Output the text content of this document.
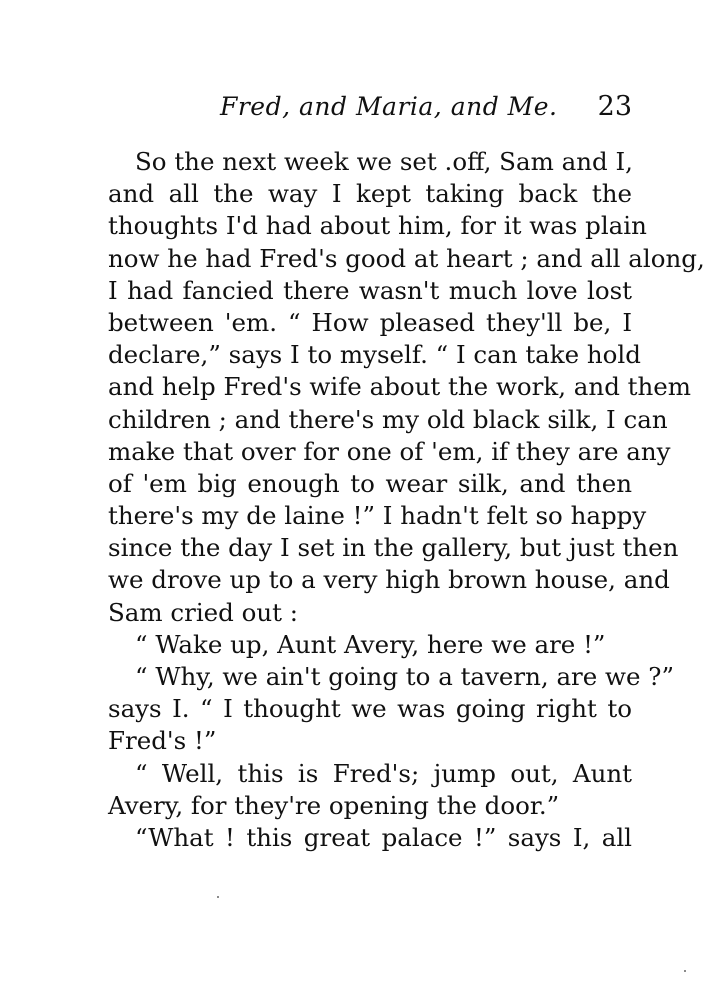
Fred, and Maria, and Me. 23
So the next week we set .off, Sam and I,
and all the way I kept taking back the
thoughts I'd had about him, for it was plain
now he had Fred's good at heart ; and all along,
I had fancied there wasn't much love lost
between 'em. “ How pleased they'll be, I
declare,” says I to myself. “ I can take hold
and help Fred's wife about the work, and them
children ; and there's my old black silk, I can
make that over for one of 'em, if they are any
of 'em big enough to wear silk, and then
there's my de laine !” I hadn't felt so happy
since the day I set in the gallery, but just then
we drove up to a very high brown house, and
Sam cried out :
“ Wake up, Aunt Avery, here we are !”
“ Why, we ain't going to a tavern, are we ?”
says I. “ I thought we was going right to
Fred's !”
“ Well, this is Fred's; jump out, Aunt
Avery, for they're opening the door.”
“What ! this great palace !” says I, all
